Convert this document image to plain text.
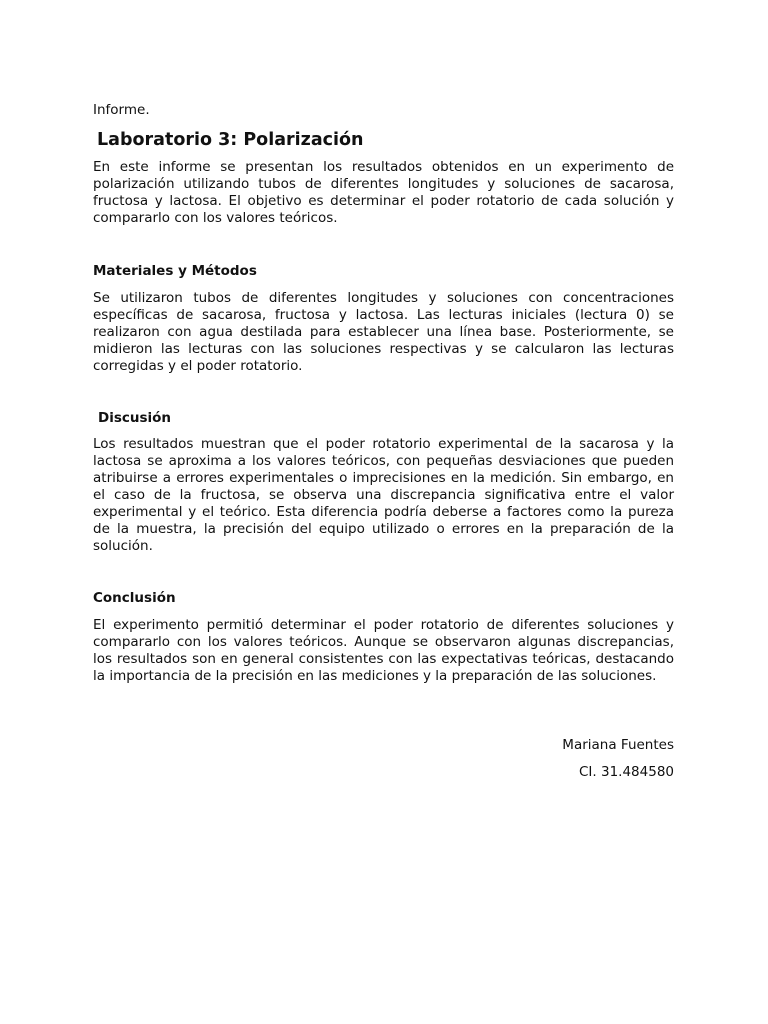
Informe.
Laboratorio 3: Polarización

En este informe se presentan los resultados obtenidos en un experimento de polarización utilizando tubos de diferentes longitudes y soluciones de sacarosa, fructosa y lactosa. El objetivo es determinar el poder rotatorio de cada solución y compararlo con los valores teóricos.

Materiales y Métodos

Se utilizaron tubos de diferentes longitudes y soluciones con concentraciones específicas de sacarosa, fructosa y lactosa. Las lecturas iniciales (lectura 0) se realizaron con agua destilada para establecer una línea base. Posteriormente, se midieron las lecturas con las soluciones respectivas y se calcularon las lecturas corregidas y el poder rotatorio.

Discusión

Los resultados muestran que el poder rotatorio experimental de la sacarosa y la lactosa se aproxima a los valores teóricos, con pequeñas desviaciones que pueden atribuirse a errores experimentales o imprecisiones en la medición. Sin embargo, en el caso de la fructosa, se observa una discrepancia significativa entre el valor experimental y el teórico. Esta diferencia podría deberse a factores como la pureza de la muestra, la precisión del equipo utilizado o errores en la preparación de la solución.

Conclusión

El experimento permitió determinar el poder rotatorio de diferentes soluciones y compararlo con los valores teóricos. Aunque se observaron algunas discrepancias, los resultados son en general consistentes con las expectativas teóricas, destacando la importancia de la precisión en las mediciones y la preparación de las soluciones.

Mariana Fuentes
CI. 31.484580
